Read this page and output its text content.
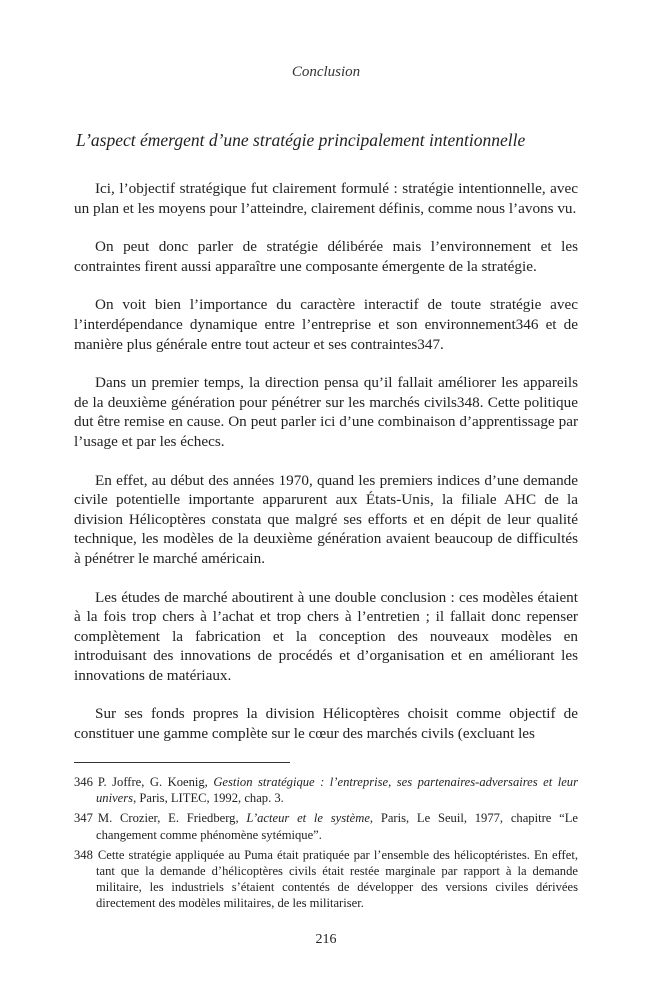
Conclusion
L’aspect émergent d’une stratégie principalement intentionnelle

Ici, l’objectif stratégique fut clairement formulé : stratégie intentionnelle, avec un plan et les moyens pour l’atteindre, clairement définis, comme nous l’avons vu.

On peut donc parler de stratégie délibérée mais l’environnement et les contraintes firent aussi apparaître une composante émergente de la stratégie.

On voit bien l’importance du caractère interactif de toute stratégie avec l’interdépendance dynamique entre l’entreprise et son environnement346 et de manière plus générale entre tout acteur et ses contraintes347.

Dans un premier temps, la direction pensa qu’il fallait améliorer les appareils de la deuxième génération pour pénétrer sur les marchés civils348. Cette politique dut être remise en cause. On peut parler ici d’une combinaison d’apprentissage par l’usage et par les échecs.

En effet, au début des années 1970, quand les premiers indices d’une demande civile potentielle importante apparurent aux États-Unis, la filiale AHC de la division Hélicoptères constata que malgré ses efforts et en dépit de leur qualité technique, les modèles de la deuxième génération avaient beaucoup de difficultés à pénétrer le marché américain.

Les études de marché aboutirent à une double conclusion : ces modèles étaient à la fois trop chers à l’achat et trop chers à l’entretien ; il fallait donc repenser complètement la fabrication et la conception des nouveaux modèles en introduisant des innovations de procédés et d’organisation et en améliorant les innovations de matériaux.

Sur ses fonds propres la division Hélicoptères choisit comme objectif de constituer une gamme complète sur le cœur des marchés civils (excluant les

346 P. Joffre, G. Koenig, Gestion stratégique : l’entreprise, ses partenaires-adversaires et leur univers, Paris, LITEC, 1992, chap. 3.

347 M. Crozier, E. Friedberg, L’acteur et le système, Paris, Le Seuil, 1977, chapitre “Le changement comme phénomène sytémique”.

348 Cette stratégie appliquée au Puma était pratiquée par l’ensemble des hélicoptéristes. En effet, tant que la demande d’hélicoptères civils était restée marginale par rapport à la demande militaire, les industriels s’étaient contentés de développer des versions civiles dérivées directement des modèles militaires, de les militariser.

216
